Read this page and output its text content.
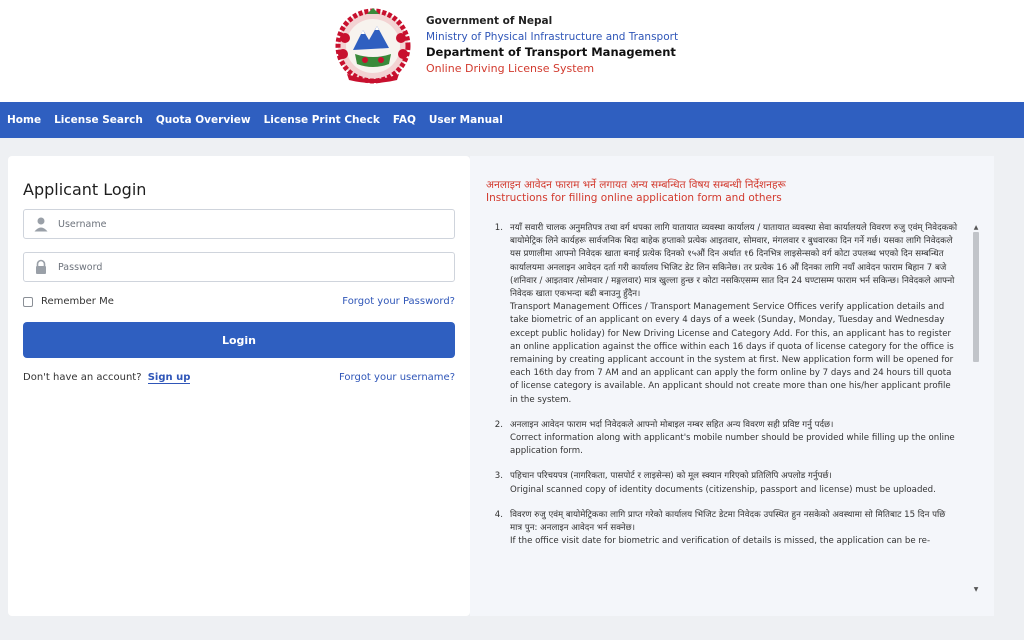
Government of Nepal
Ministry of Physical Infrastructure and Transport
Department of Transport Management
Online Driving License System
Home License Search Quota Overview License Print Check FAQ User Manual
Applicant Login
Username
Remember Me	Forgot your Password?
Login
Don't have an account? Sign up	Forgot your username?
अनलाइन आवेदन फाराम भर्ने लगायत अन्य सम्बन्धित विषय सम्बन्धी निर्देशनहरू
Instructions for filling online application form and others
1. नयाँ सवारी चालक अनुमतिपत्र तथा वर्ग थपका लागि यातायात व्यवस्था कार्यालय / यातायात व्यवस्था सेवा कार्यालयले विवरण रुजु एवंम् निवेदकको बायोमेट्रिक लिने कार्यहरू सार्वजनिक बिदा बाहेक हप्ताको प्रत्येक आइतवार, सोमवार, मंगलवार र बुधवारका दिन गर्ने गर्छ। यसका लागि निवेदकले यस प्रणालीमा आफ्नो निवेदक खाता बनाई प्रत्येक दिनको १५औं दिन अर्थात १6 दिनभित्र लाइसेन्सको वर्ग कोटा उपलब्ध भएको दिन सम्बन्धित कार्यालयमा अनलाइन आवेदन दर्ता गरी कार्यालय भिजिट डेट लिन सकिनेछ। तर प्रत्येक 16 औं दिनका लागि नयाँ आवेदन फाराम बिहान 7 बजे (शनिवार / आइतवार /सोमवार / मङ्गलवार) मात्र खुल्ला हुन्छ र कोटा नसकिएसम्म सात दिन 24 घण्टासम्म फाराम भर्न सकिन्छ। निवेदकले आफ्नो निवेदक खाता एकभन्दा बढी बनाउनु हुँदैन।

Transport Management Offices / Transport Management Service Offices verify application details and take biometric of an applicant on every 4 days of a week (Sunday, Monday, Tuesday and Wednesday except public holiday) for New Driving License and Category Add. For this, an applicant has to register an online application against the office within each 16 days if quota of license category for the office is remaining by creating applicant account in the system at first. New application form will be opened for each 16th day from 7 AM and an applicant can apply the form online by 7 days and 24 hours till quota of license category is available. An applicant should not create more than one his/her applicant profile in the system.

2. अनलाइन आवेदन फाराम भर्दा निवेदकले आफ्नो मोबाइल नम्बर सहित अन्य विवरण सही प्रविष्ट गर्नु पर्दछ।

Correct information along with applicant's mobile number should be provided while filling up the online application form.

3. पहिचान परिचयपत्र (नागरिकता, पासपोर्ट र लाइसेन्स) को मूल स्क्यान गरिएको प्रतिलिपि अपलोड गर्नुपर्छ।

Original scanned copy of identity documents (citizenship, passport and license) must be uploaded.

4. विवरण रुजु एवंम् बायोमेट्रिकका लागि प्राप्त गरेको कार्यालय भिजिट डेटमा निवेदक उपस्थित हुन नसकेको अवस्थामा सो मितिबाट 15 दिन पछि मात्र पुन: अनलाइन आवेदन भर्न सक्नेछ।

If the office visit date for biometric and verification of details is missed, the application can be re-

▲
▼
